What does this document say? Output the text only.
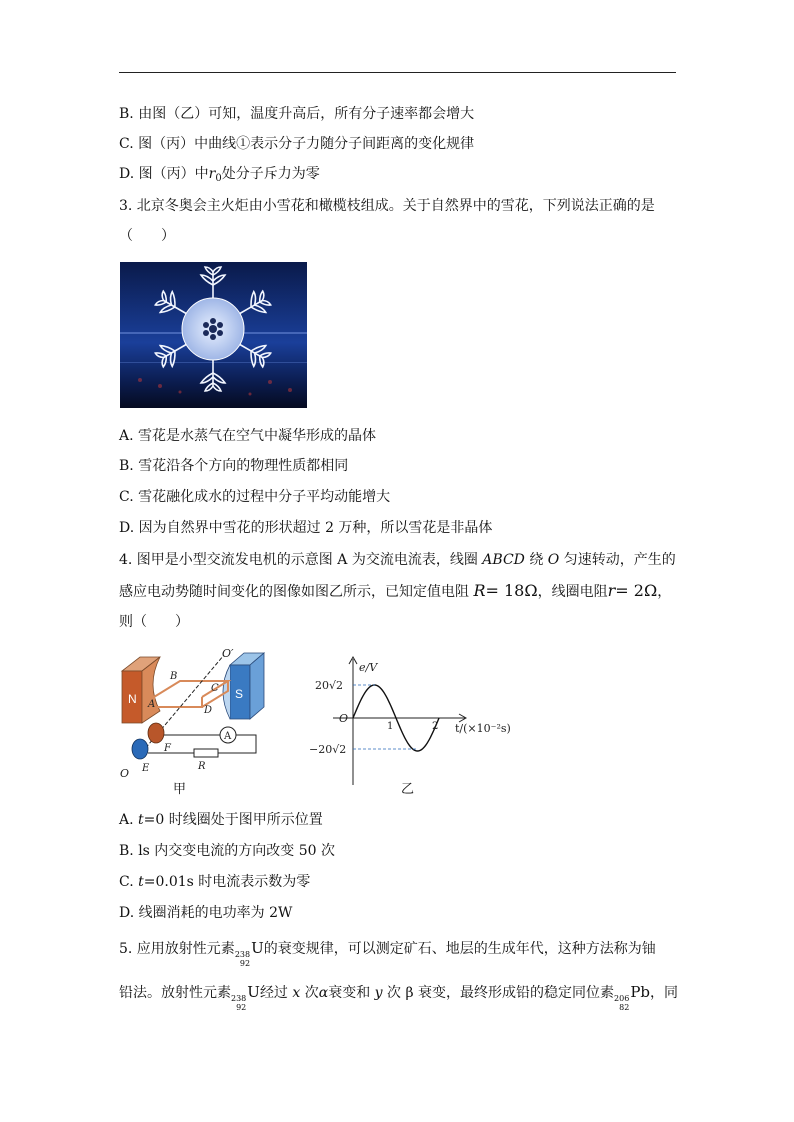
B. 由图（乙）可知，温度升高后，所有分子速率都会增大
C. 图（丙）中曲线①表示分子力随分子间距离的变化规律
D. 图（丙）中$r_0$处分子斥力为零
3. 北京冬奥会主火炬由小雪花和橄榄枝组成。关于自然界中的雪花，下列说法正确的是
（　　）
A. 雪花是水蒸气在空气中凝华形成的晶体
B. 雪花沿各个方向的物理性质都相同
C. 雪花融化成水的过程中分子平均动能增大
D. 因为自然界中雪花的形状超过 2 万种，所以雪花是非晶体
4. 图甲是小型交流发电机的示意图 A 为交流电流表，线圈 ABCD 绕 O 匀速转动，产生的
感应电动势随时间变化的图像如图乙所示，已知定值电阻 R= 18Ω，线圈电阻r= 2Ω，
则（　　）
N	S
O′
B
C
A
D
F
E
O
A
R
甲
e/V
20√2
−20√2
O
1	2 t/(×10⁻²s)
乙
A. t=0 时线圈处于图甲所示位置
B. ls 内交变电流的方向改变 50 次
C. t=0.01s 时电流表示数为零
D. 线圈消耗的电功率为 2W
5. 应用放射性元素 238
92
U的衰变规律，可以测定矿石、地层的生成年代，这种方法称为铀
铅法。放射性元素 238
92
U经过 x 次α衰变和 y 次 β 衰变，最终形成铅的稳定同位素 206
82
Pb，同
